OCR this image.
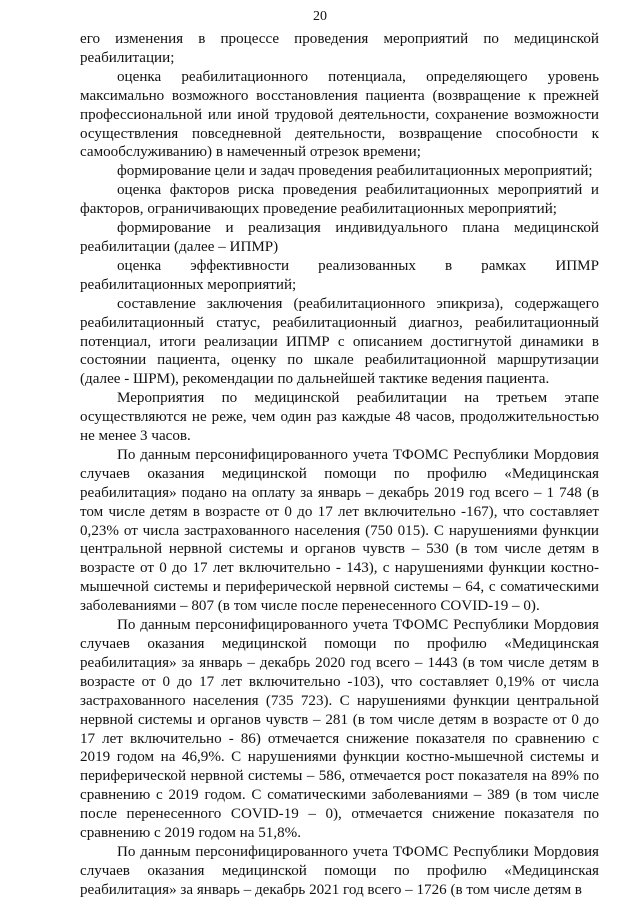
20

его изменения в процессе проведения мероприятий по медицинской реабилитации;

оценка реабилитационного потенциала, определяющего уровень максимально возможного восстановления пациента (возвращение к прежней профессиональной или иной трудовой деятельности, сохранение возможности осуществления повседневной деятельности, возвращение способности к самообслуживанию) в намеченный отрезок времени;

формирование цели и задач проведения реабилитационных мероприятий;

оценка факторов риска проведения реабилитационных мероприятий и факторов, ограничивающих проведение реабилитационных мероприятий;

формирование и реализация индивидуального плана медицинской реабилитации (далее – ИПМР)

оценка эффективности реализованных в рамках ИПМР реабилитационных мероприятий;

составление заключения (реабилитационного эпикриза), содержащего реабилитационный статус, реабилитационный диагноз, реабилитационный потенциал, итоги реализации ИПМР с описанием достигнутой динамики в состоянии пациента, оценку по шкале реабилитационной маршрутизации (далее - ШРМ), рекомендации по дальнейшей тактике ведения пациента.

Мероприятия по медицинской реабилитации на третьем этапе осуществляются не реже, чем один раз каждые 48 часов, продолжительностью не менее 3 часов.

По данным персонифицированного учета ТФОМС Республики Мордовия случаев оказания медицинской помощи по профилю «Медицинская реабилитация» подано на оплату за январь – декабрь 2019 год всего – 1 748 (в том числе детям в возрасте от 0 до 17 лет включительно -167), что составляет 0,23% от числа застрахованного населения (750 015). С нарушениями функции центральной нервной системы и органов чувств – 530 (в том числе детям в возрасте от 0 до 17 лет включительно - 143), с нарушениями функции костно-мышечной системы и периферической нервной системы – 64, с соматическими заболеваниями – 807 (в том числе после перенесенного COVID-19 – 0).

По данным персонифицированного учета ТФОМС Республики Мордовия случаев оказания медицинской помощи по профилю «Медицинская реабилитация» за январь – декабрь 2020 год всего – 1443 (в том числе детям в возрасте от 0 до 17 лет включительно -103), что составляет 0,19% от числа застрахованного населения (735 723). С нарушениями функции центральной нервной системы и органов чувств – 281 (в том числе детям в возрасте от 0 до 17 лет включительно - 86) отмечается снижение показателя по сравнению с 2019 годом на 46,9%. С нарушениями функции костно-мышечной системы и периферической нервной системы – 586, отмечается рост показателя на 89% по сравнению с 2019 годом. С соматическими заболеваниями – 389 (в том числе после перенесенного COVID-19 – 0), отмечается снижение показателя по сравнению с 2019 годом на 51,8%.

По данным персонифицированного учета ТФОМС Республики Мордовия случаев оказания медицинской помощи по профилю «Медицинская реабилитация» за январь – декабрь 2021 год всего – 1726 (в том числе детям в
